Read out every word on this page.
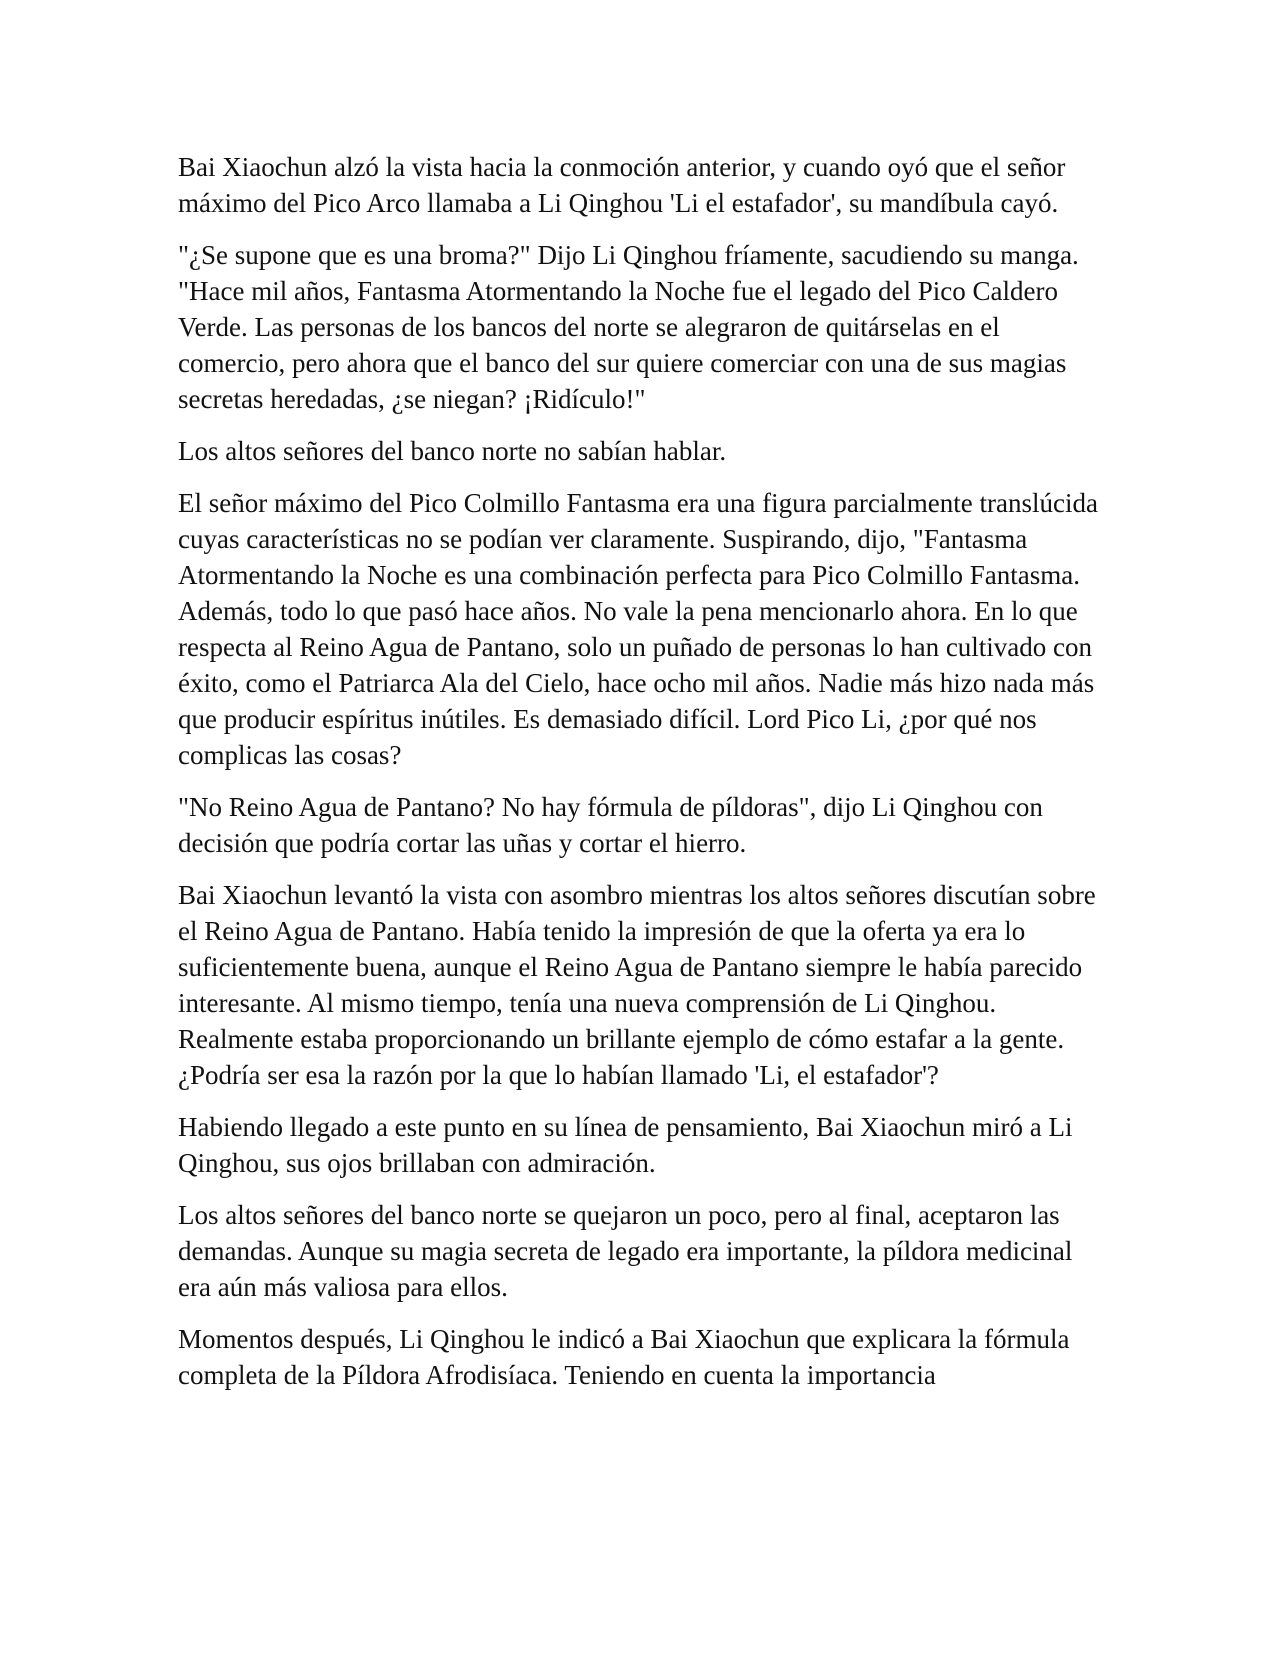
Bai Xiaochun alzó la vista hacia la conmoción anterior, y cuando oyó que el señor máximo del Pico Arco llamaba a Li Qinghou 'Li el estafador', su mandíbula cayó.

"¿Se supone que es una broma?" Dijo Li Qinghou fríamente, sacudiendo su manga. "Hace mil años, Fantasma Atormentando la Noche fue el legado del Pico Caldero Verde. Las personas de los bancos del norte se alegraron de quitárselas en el comercio, pero ahora que el banco del sur quiere comerciar con una de sus magias secretas heredadas, ¿se niegan? ¡Ridículo!"

Los altos señores del banco norte no sabían hablar.

El señor máximo del Pico Colmillo Fantasma era una figura parcialmente translúcida cuyas características no se podían ver claramente. Suspirando, dijo, "Fantasma Atormentando la Noche es una combinación perfecta para Pico Colmillo Fantasma. Además, todo lo que pasó hace años. No vale la pena mencionarlo ahora. En lo que respecta al Reino Agua de Pantano, solo un puñado de personas lo han cultivado con éxito, como el Patriarca Ala del Cielo, hace ocho mil años. Nadie más hizo nada más que producir espíritus inútiles. Es demasiado difícil. Lord Pico Li, ¿por qué nos complicas las cosas?

"No Reino Agua de Pantano? No hay fórmula de píldoras", dijo Li Qinghou con decisión que podría cortar las uñas y cortar el hierro.

Bai Xiaochun levantó la vista con asombro mientras los altos señores discutían sobre el Reino Agua de Pantano. Había tenido la impresión de que la oferta ya era lo suficientemente buena, aunque el Reino Agua de Pantano siempre le había parecido interesante. Al mismo tiempo, tenía una nueva comprensión de Li Qinghou. Realmente estaba proporcionando un brillante ejemplo de cómo estafar a la gente. ¿Podría ser esa la razón por la que lo habían llamado 'Li, el estafador'?

Habiendo llegado a este punto en su línea de pensamiento, Bai Xiaochun miró a Li Qinghou, sus ojos brillaban con admiración.

Los altos señores del banco norte se quejaron un poco, pero al final, aceptaron las demandas. Aunque su magia secreta de legado era importante, la píldora medicinal era aún más valiosa para ellos.

Momentos después, Li Qinghou le indicó a Bai Xiaochun que explicara la fórmula completa de la Píldora Afrodisíaca. Teniendo en cuenta la importancia
